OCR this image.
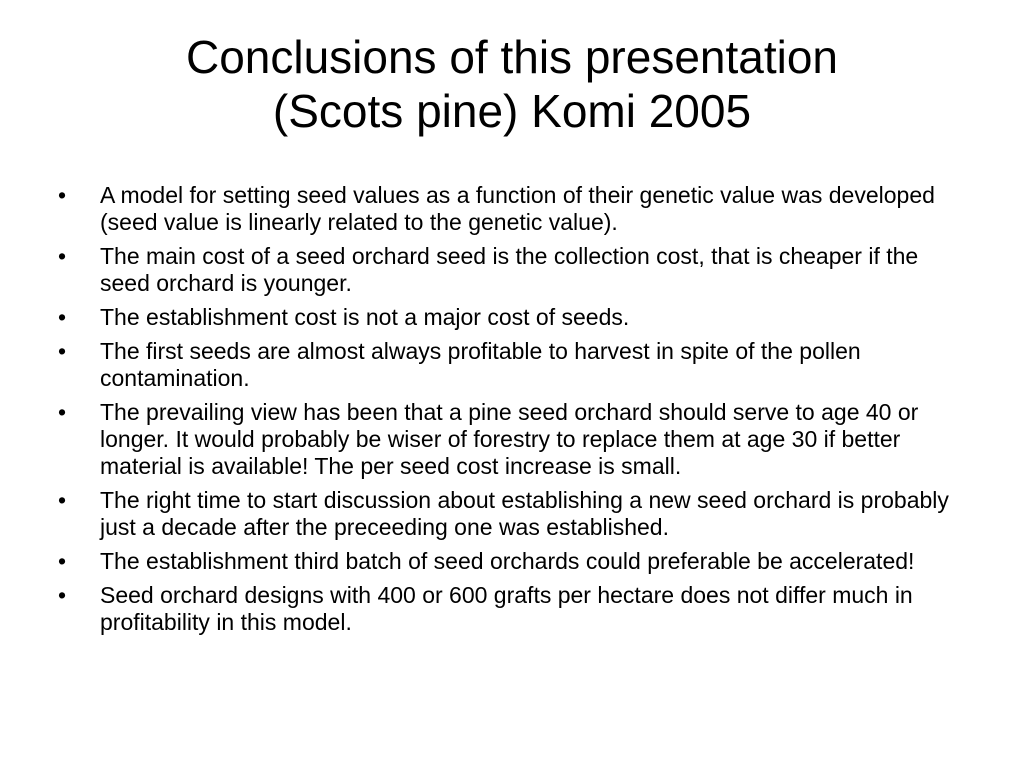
Conclusions of this presentation
(Scots pine) Komi 2005
• A model for setting seed values as a function of their genetic value was developed (seed value is linearly related to the genetic value).
• The main cost of a seed orchard seed is the collection cost, that is cheaper if the seed orchard is younger.
• The establishment cost is not a major cost of seeds.
• The first seeds are almost always profitable to harvest in spite of the pollen contamination.
• The prevailing view has been that a pine seed orchard should serve to age 40 or longer. It would probably be wiser of forestry to replace them at age 30 if better material is available! The per seed cost increase is small.
• The right time to start discussion about establishing a new seed orchard is probably just a decade after the preceeding one was established.
• The establishment third batch of seed orchards could preferable be accelerated!
• Seed orchard designs with 400 or 600 grafts per hectare does not differ much in profitability in this model.
